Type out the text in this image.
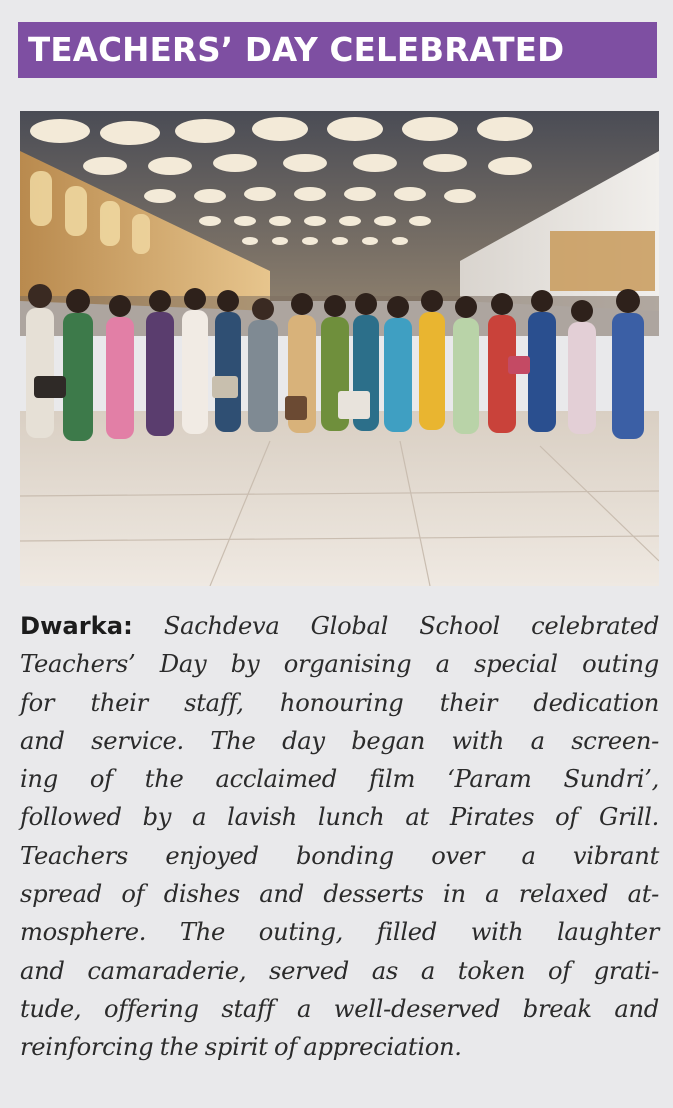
TEACHERS’ DAY CELEBRATED

Dwarka: Sachdeva Global School celebrated
Teachers’ Day by organising a special outing
for their staff, honouring their dedication
and service. The day began with a screen-
ing of the acclaimed film ‘Param Sundri’,
followed by a lavish lunch at Pirates of Grill.
Teachers enjoyed bonding over a vibrant
spread of dishes and desserts in a relaxed at-
mosphere. The outing, filled with laughter
and camaraderie, served as a token of grati-
tude, offering staff a well-deserved break and
reinforcing the spirit of appreciation.
